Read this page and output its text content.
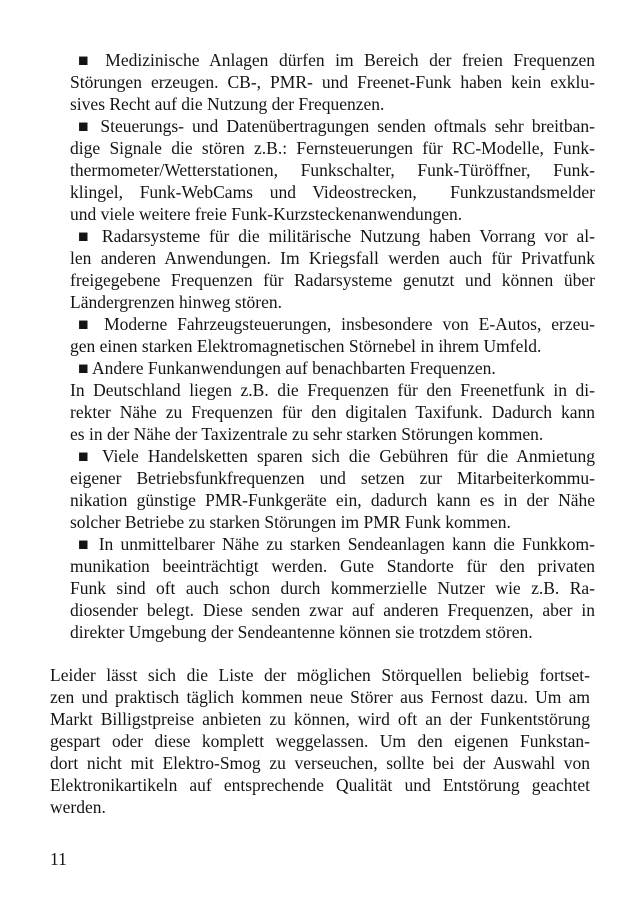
■ Medizinische Anlagen dürfen im Bereich der freien Frequenzen
Störungen erzeugen. CB-, PMR- und Freenet-Funk haben kein exklu-
sives Recht auf die Nutzung der Frequenzen.
■ Steuerungs- und Datenübertragungen senden oftmals sehr breitban-
dige Signale die stören z.B.: Fernsteuerungen für RC-Modelle, Funk-
thermometer/Wetterstationen, Funkschalter, Funk-Türöffner, Funk-
klingel, Funk-WebCams und Videostrecken,  Funkzustandsmelder
und viele weitere freie Funk-Kurzsteckenanwendungen.
■ Radarsysteme für die militärische Nutzung haben Vorrang vor al-
len anderen Anwendungen. Im Kriegsfall werden auch für Privatfunk
freigegebene Frequenzen für Radarsysteme genutzt und können über
Ländergrenzen hinweg stören.
■ Moderne Fahrzeugsteuerungen, insbesondere von E-Autos, erzeu-
gen einen starken Elektromagnetischen Störnebel in ihrem Umfeld.
■ Andere Funkanwendungen auf benachbarten Frequenzen.
In Deutschland liegen z.B. die Frequenzen für den Freenetfunk in di-
rekter Nähe zu Frequenzen für den digitalen Taxifunk. Dadurch kann
es in der Nähe der Taxizentrale zu sehr starken Störungen kommen.
■ Viele Handelsketten sparen sich die Gebühren für die Anmietung
eigener Betriebsfunkfrequenzen und setzen zur Mitarbeiterkommu-
nikation günstige PMR-Funkgeräte ein, dadurch kann es in der Nähe
solcher Betriebe zu starken Störungen im PMR Funk kommen.
■ In unmittelbarer Nähe zu starken Sendeanlagen kann die Funkkom-
munikation beeinträchtigt werden. Gute Standorte für den privaten
Funk sind oft auch schon durch kommerzielle Nutzer wie z.B. Ra-
diosender belegt. Diese senden zwar auf anderen Frequenzen, aber in
direkter Umgebung der Sendeantenne können sie trotzdem stören.
Leider lässt sich die Liste der möglichen Störquellen beliebig fortset-
zen und praktisch täglich kommen neue Störer aus Fernost dazu. Um am
Markt Billigstpreise anbieten zu können, wird oft an der Funkentstörung
gespart oder diese komplett weggelassen. Um den eigenen Funkstan-
dort nicht mit Elektro-Smog zu verseuchen, sollte bei der Auswahl von
Elektronikartikeln auf entsprechende Qualität und Entstörung geachtet
werden.
11
